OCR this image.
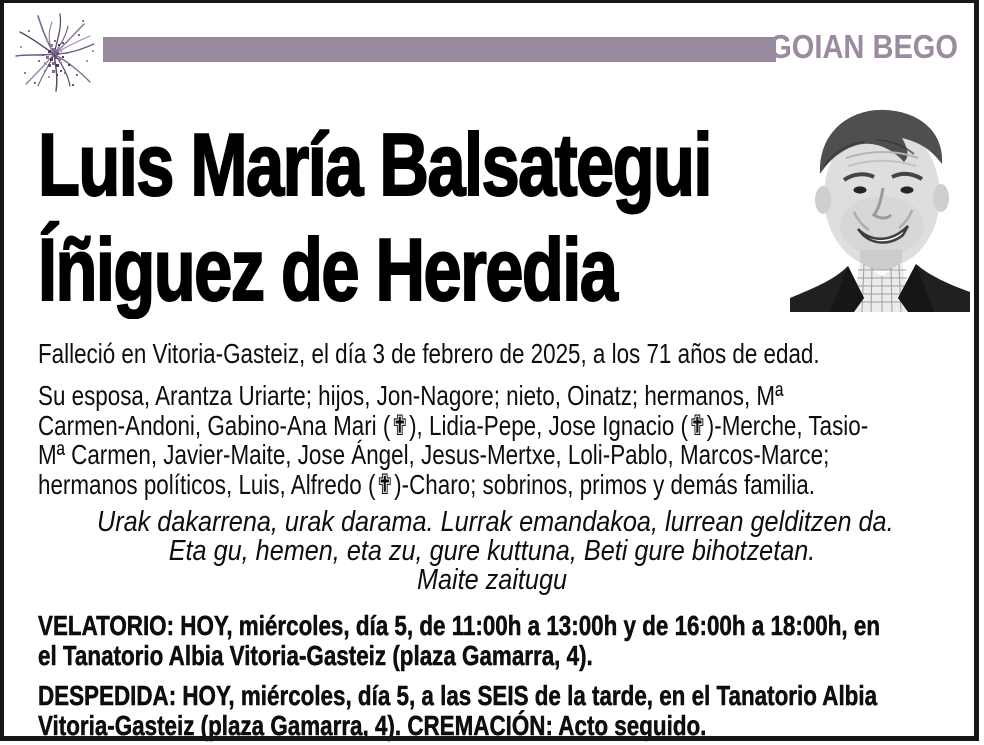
GOIAN BEGO
Luis María Balsategui
Íñiguez de Heredia
Falleció en Vitoria-Gasteiz, el día 3 de febrero de 2025, a los 71 años de edad.
Su esposa, Arantza Uriarte; hijos, Jon-Nagore; nieto, Oinatz; hermanos, Mª
Carmen-Andoni, Gabino-Ana Mari (✟), Lidia-Pepe, Jose Ignacio (✟)-Merche, Tasio-
Mª Carmen, Javier-Maite, Jose Ángel, Jesus-Mertxe, Loli-Pablo, Marcos-Marce;
hermanos políticos, Luis, Alfredo (✟)-Charo; sobrinos, primos y demás familia.
Urak dakarrena, urak darama. Lurrak emandakoa, lurrean gelditzen da.
Eta gu, hemen, eta zu, gure kuttuna, Beti gure bihotzetan.
Maite zaitugu
VELATORIO: HOY, miércoles, día 5, de 11:00h a 13:00h y de 16:00h a 18:00h, en
el Tanatorio Albia Vitoria-Gasteiz (plaza Gamarra, 4).
DESPEDIDA: HOY, miércoles, día 5, a las SEIS de la tarde, en el Tanatorio Albia
Vitoria-Gasteiz (plaza Gamarra, 4). CREMACIÓN: Acto seguido.
